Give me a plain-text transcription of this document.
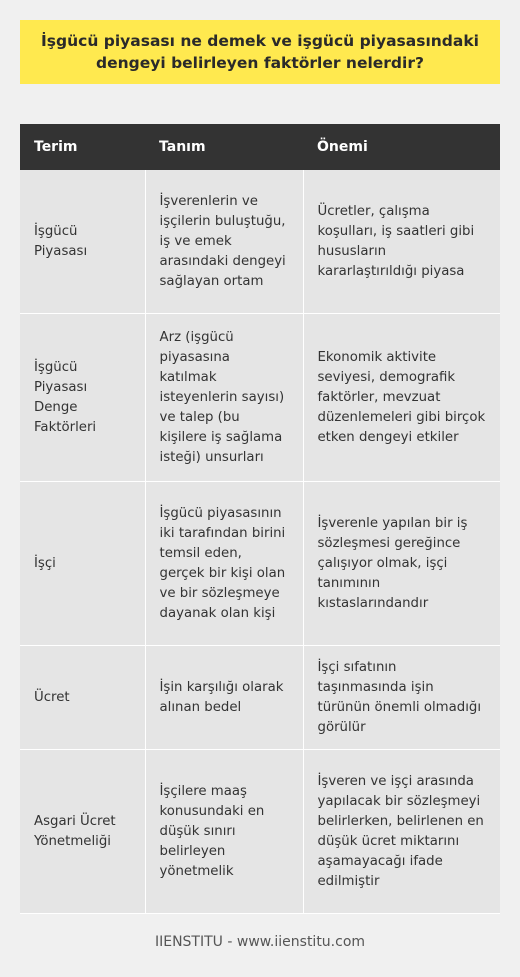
İşgücü piyasası ne demek ve işgücü piyasasındaki dengeyi belirleyen faktörler nelerdir?
Terim	Tanım	Önemi
İşgücü Piyasası	İşverenlerin ve işçilerin buluştuğu, iş ve emek arasındaki dengeyi sağlayan ortam	Ücretler, çalışma koşulları, iş saatleri gibi hususların kararlaştırıldığı piyasa
İşgücü Piyasası Denge Faktörleri	Arz (işgücü piyasasına katılmak isteyenlerin sayısı) ve talep (bu kişilere iş sağlama isteği) unsurları	Ekonomik aktivite seviyesi, demografik faktörler, mevzuat düzenlemeleri gibi birçok etken dengeyi etkiler
İşçi	İşgücü piyasasının iki tarafından birini temsil eden, gerçek bir kişi olan ve bir sözleşmeye dayanak olan kişi	İşverenle yapılan bir iş sözleşmesi gereğince çalışıyor olmak, işçi tanımının kıstaslarındandır
Ücret	İşin karşılığı olarak alınan bedel	İşçi sıfatının taşınmasında işin türünün önemli olmadığı görülür
Asgari Ücret Yönetmeliği	İşçilere maaş konusundaki en düşük sınırı belirleyen yönetmelik	İşveren ve işçi arasında yapılacak bir sözleşmeyi belirlerken, belirlenen en düşük ücret miktarını aşamayacağı ifade edilmiştir
IIENSTITU - www.iienstitu.com
